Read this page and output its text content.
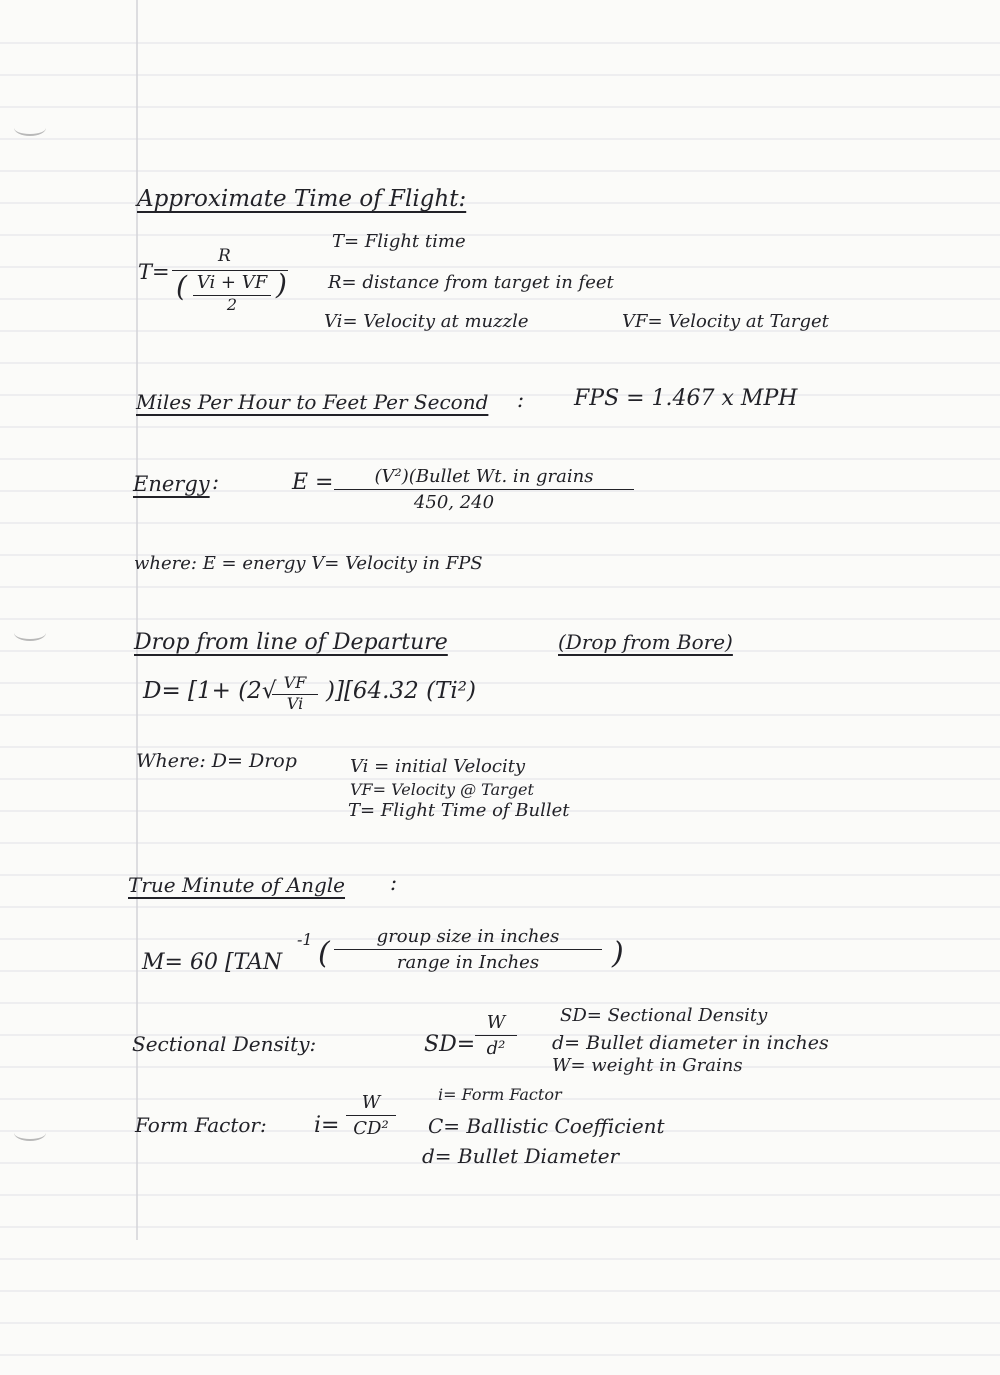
Approximate Time of Flight:
T=
R
( Vi + VF
2
)
T= Flight time
R= distance from target in feet
Vi= Velocity at muzzle	VF= Velocity at Target
Miles Per Hour to Feet Per Second : FPS = 1.467 x MPH
Energy :	E =	(V²)(Bullet Wt. in grains
450, 240
where: E = energy V= Velocity in FPS
Drop from line of Departure	(Drop from Bore)
D= [1+ (2√ VF
Vi )][64.32 (Ti²)
Where: D= Drop	Vi = initial Velocity
VF= Velocity @ Target
T= Flight Time of Bullet
True Minute of Angle :
M= 60 [TAN
-1 (	group size in inches
range in Inches	)
Sectional Density:	SD=
W
d²
SD= Sectional Density
d= Bullet diameter in inches
W= weight in Grains
Form Factor: i=
W
CD²
i= Form Factor
C= Ballistic Coefficient
d= Bullet Diameter
